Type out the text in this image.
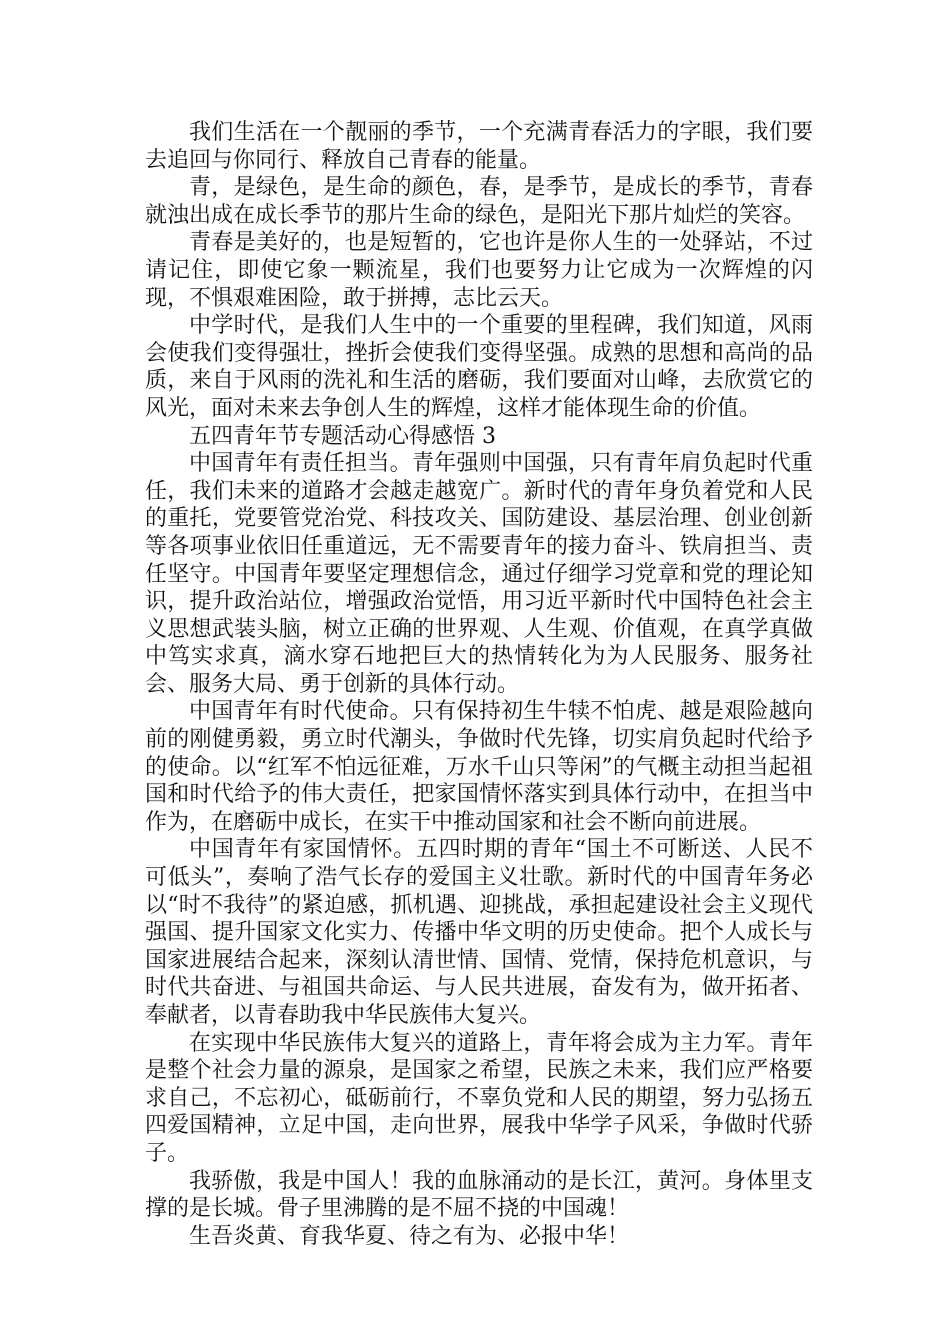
我们生活在一个靓丽的季节，一个充满青春活力的字眼，我们要去追回与你同行、释放自己青春的能量。

青，是绿色，是生命的颜色，春，是季节，是成长的季节，青春就浊出成在成长季节的那片生命的绿色，是阳光下那片灿烂的笑容。

青春是美好的，也是短暂的，它也许是你人生的一处驿站，不过请记住，即使它象一颗流星，我们也要努力让它成为一次辉煌的闪现，不惧艰难困险，敢于拼搏，志比云天。

中学时代，是我们人生中的一个重要的里程碑，我们知道，风雨会使我们变得强壮，挫折会使我们变得坚强。成熟的思想和高尚的品质，来自于风雨的洗礼和生活的磨砺，我们要面对山峰，去欣赏它的风光，面对未来去争创人生的辉煌，这样才能体现生命的价值。

五四青年节专题活动心得感悟 3

中国青年有责任担当。青年强则中国强，只有青年肩负起时代重任，我们未来的道路才会越走越宽广。新时代的青年身负着党和人民的重托，党要管党治党、科技攻关、国防建设、基层治理、创业创新等各项事业依旧任重道远，无不需要青年的接力奋斗、铁肩担当、责任坚守。中国青年要坚定理想信念，通过仔细学习党章和党的理论知识，提升政治站位，增强政治觉悟，用习近平新时代中国特色社会主义思想武装头脑，树立正确的世界观、人生观、价值观，在真学真做中笃实求真，滴水穿石地把巨大的热情转化为为人民服务、服务社会、服务大局、勇于创新的具体行动。

中国青年有时代使命。只有保持初生牛犊不怕虎、越是艰险越向前的刚健勇毅，勇立时代潮头，争做时代先锋，切实肩负起时代给予的使命。以“红军不怕远征难，万水千山只等闲”的气概主动担当起祖国和时代给予的伟大责任，把家国情怀落实到具体行动中，在担当中作为，在磨砺中成长，在实干中推动国家和社会不断向前进展。

中国青年有家国情怀。五四时期的青年“国土不可断送、人民不可低头”，奏响了浩气长存的爱国主义壮歌。新时代的中国青年务必以“时不我待”的紧迫感，抓机遇、迎挑战，承担起建设社会主义现代强国、提升国家文化实力、传播中华文明的历史使命。把个人成长与国家进展结合起来，深刻认清世情、国情、党情，保持危机意识，与时代共奋进、与祖国共命运、与人民共进展，奋发有为，做开拓者、奉献者，以青春助我中华民族伟大复兴。

在实现中华民族伟大复兴的道路上，青年将会成为主力军。青年是整个社会力量的源泉，是国家之希望，民族之未来，我们应严格要求自己，不忘初心，砥砺前行，不辜负党和人民的期望，努力弘扬五四爱国精神，立足中国，走向世界，展我中华学子风采，争做时代骄子。

我骄傲，我是中国人！我的血脉涌动的是长江，黄河。身体里支撑的是长城。骨子里沸腾的是不屈不挠的中国魂！

生吾炎黄、育我华夏、待之有为、必报中华！
